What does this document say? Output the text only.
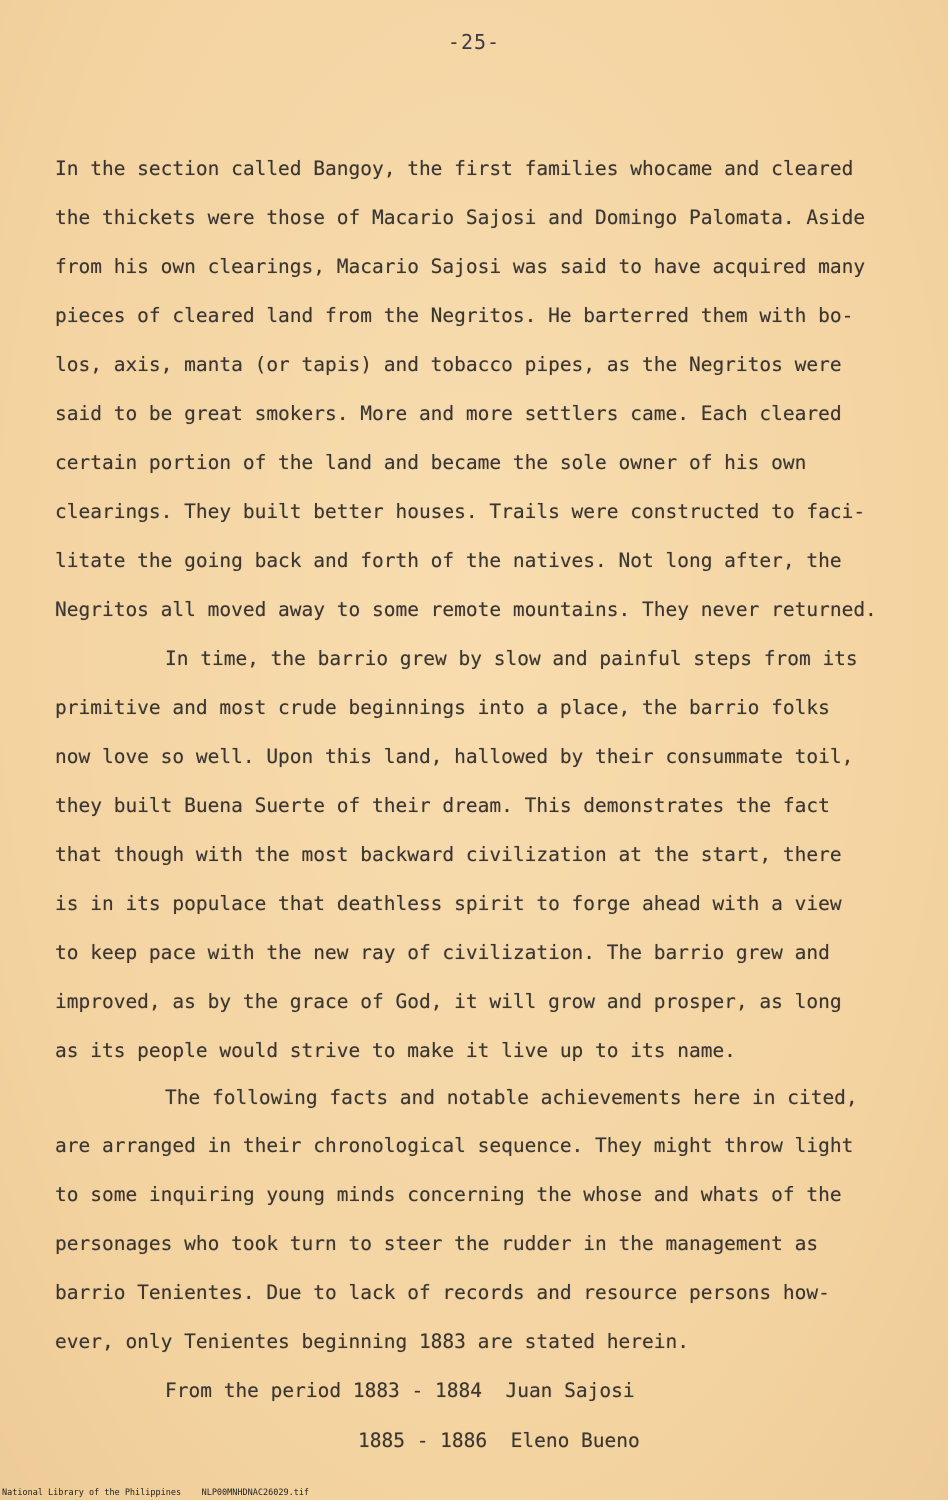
-25-
In the section called Bangoy, the first families whocame and cleared
the thickets were those of Macario Sajosi and Domingo Palomata. Aside
from his own clearings, Macario Sajosi was said to have acquired many
pieces of cleared land from the Negritos. He barterred them with bo-
los, axis, manta (or tapis) and tobacco pipes, as the Negritos were
said to be great smokers. More and more settlers came. Each cleared
certain portion of the land and became the sole owner of his own
clearings. They built better houses. Trails were constructed to faci-
litate the going back and forth of the natives. Not long after, the
Negritos all moved away to some remote mountains. They never returned.
In time, the barrio grew by slow and painful steps from its
primitive and most crude beginnings into a place, the barrio folks
now love so well. Upon this land, hallowed by their consummate toil,
they built Buena Suerte of their dream. This demonstrates the fact
that though with the most backward civilization at the start, there
is in its populace that deathless spirit to forge ahead with a view
to keep pace with the new ray of civilization. The barrio grew and
improved, as by the grace of God, it will grow and prosper, as long
as its people would strive to make it live up to its name.
The following facts and notable achievements here in cited,
are arranged in their chronological sequence. They might throw light
to some inquiring young minds concerning the whose and whats of the
personages who took turn to steer the rudder in the management as
barrio Tenientes. Due to lack of records and resource persons how-
ever, only Tenientes beginning 1883 are stated herein.
From the period 1883 - 1884  Juan Sajosi
1885 - 1886  Eleno Bueno
National Library of the Philippines    NLP00MNHDNAC26029.tif
